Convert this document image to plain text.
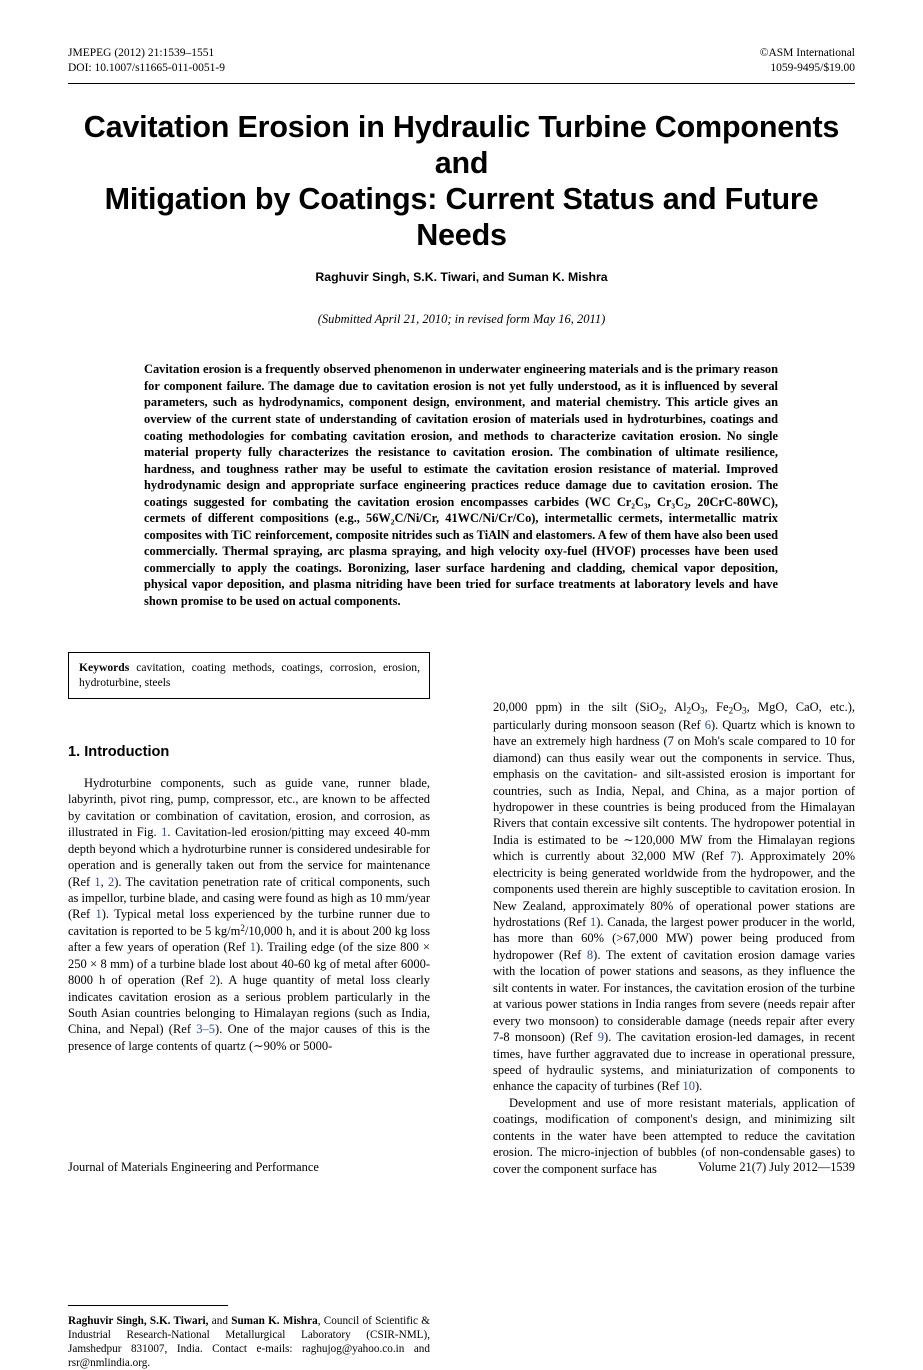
JMEPEG (2012) 21:1539–1551
DOI: 10.1007/s11665-011-0051-9
©ASM International
1059-9495/$19.00
Cavitation Erosion in Hydraulic Turbine Components and
Mitigation by Coatings: Current Status and Future Needs
Raghuvir Singh, S.K. Tiwari, and Suman K. Mishra
(Submitted April 21, 2010; in revised form May 16, 2011)
Cavitation erosion is a frequently observed phenomenon in underwater engineering materials and is the primary reason for component failure. The damage due to cavitation erosion is not yet fully understood, as it is influenced by several parameters, such as hydrodynamics, component design, environment, and material chemistry. This article gives an overview of the current state of understanding of cavitation erosion of materials used in hydroturbines, coatings and coating methodologies for combating cavitation erosion, and methods to characterize cavitation erosion. No single material property fully characterizes the resistance to cavitation erosion. The combination of ultimate resilience, hardness, and toughness rather may be useful to estimate the cavitation erosion resistance of material. Improved hydrodynamic design and appropriate surface engineering practices reduce damage due to cavitation erosion. The coatings suggested for combating the cavitation erosion encompasses carbides (WC Cr₂C₃, Cr₃C₂, 20CrC-80WC), cermets of different compositions (e.g., 56W₂C/Ni/Cr, 41WC/Ni/Cr/Co), intermetallic cermets, intermetallic matrix composites with TiC reinforcement, composite nitrides such as TiAlN and elastomers. A few of them have also been used commercially. Thermal spraying, arc plasma spraying, and high velocity oxy-fuel (HVOF) processes have been used commercially to apply the coatings. Boronizing, laser surface hardening and cladding, chemical vapor deposition, physical vapor deposition, and plasma nitriding have been tried for surface treatments at laboratory levels and have shown promise to be used on actual components.
Keywords cavitation, coating methods, coatings, corrosion, erosion, hydroturbine, steels
1. Introduction

Hydroturbine components, such as guide vane, runner blade, labyrinth, pivot ring, pump, compressor, etc., are known to be affected by cavitation or combination of cavitation, erosion, and corrosion, as illustrated in Fig. 1. Cavitation-led erosion/pitting may exceed 40-mm depth beyond which a hydroturbine runner is considered undesirable for operation and is generally taken out from the service for maintenance (Ref 1, 2). The cavitation penetration rate of critical components, such as impellor, turbine blade, and casing were found as high as 10 mm/year (Ref 1). Typical metal loss experienced by the turbine runner due to cavitation is reported to be 5 $kg/m^2/10,000$ h, and it is about 200 kg loss after a few years of operation (Ref 1). Trailing edge (of the size 800 × 250 × 8 mm) of a turbine blade lost about 40-60 kg of metal after 6000-8000 h of operation (Ref 2). A huge quantity of metal loss clearly indicates cavitation erosion as a serious problem particularly in the South Asian countries belonging to Himalayan regions (such as India, China, and Nepal) (Ref 3–5). One of the major causes of this is the presence of large contents of quartz (∼90% or 5000-

Raghuvir Singh, S.K. Tiwari, and Suman K. Mishra, Council of Scientific & Industrial Research-National Metallurgical Laboratory (CSIR-NML), Jamshedpur 831007, India. Contact e-mails: raghujog@yahoo.co.in and rsr@nmlindia.org.

20,000 ppm) in the silt (SiO$_2$, $Al_2O_3$, $Fe_2O_3$, MgO, CaO, etc.), particularly during monsoon season (Ref 6). Quartz which is known to have an extremely high hardness (7 on Moh's scale compared to 10 for diamond) can thus easily wear out the components in service. Thus, emphasis on the cavitation- and silt-assisted erosion is important for countries, such as India, Nepal, and China, as a major portion of hydropower in these countries is being produced from the Himalayan Rivers that contain excessive silt contents. The hydropower potential in India is estimated to be ∼120,000 MW from the Himalayan regions which is currently about 32,000 MW (Ref 7). Approximately 20% electricity is being generated worldwide from the hydropower, and the components used therein are highly susceptible to cavitation erosion. In New Zealand, approximately 80% of operational power stations are hydrostations (Ref 1). Canada, the largest power producer in the world, has more than 60% (>67,000 MW) power being produced from hydropower (Ref 8). The extent of cavitation erosion damage varies with the location of power stations and seasons, as they influence the silt contents in water. For instances, the cavitation erosion of the turbine at various power stations in India ranges from severe (needs repair after every two monsoon) to considerable damage (needs repair after every 7-8 monsoon) (Ref 9). The cavitation erosion-led damages, in recent times, have further aggravated due to increase in operational pressure, speed of hydraulic systems, and miniaturization of components to enhance the capacity of turbines (Ref 10).

Development and use of more resistant materials, application of coatings, modification of component's design, and minimizing silt contents in the water have been attempted to reduce the cavitation erosion. The micro-injection of bubbles (of non-condensable gases) to cover the component surface has

Journal of Materials Engineering and Performance	Volume 21(7) July 2012—1539
